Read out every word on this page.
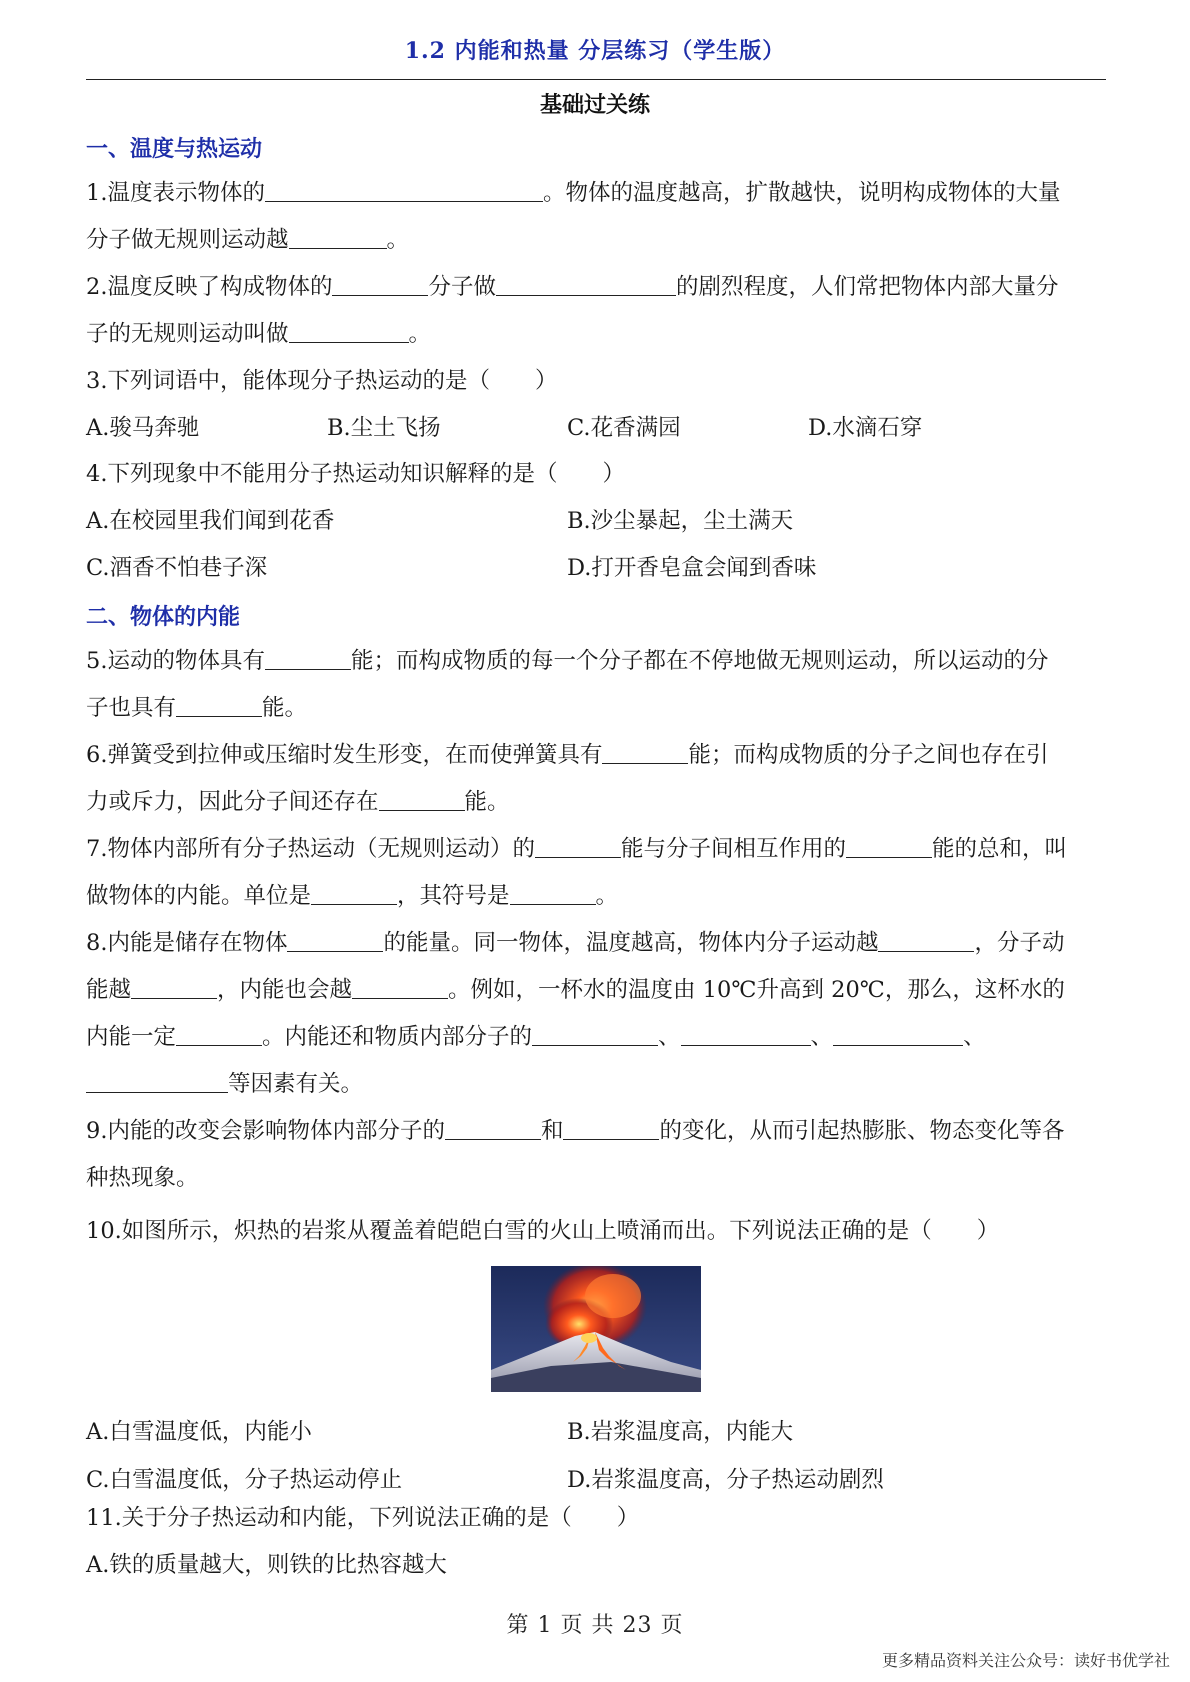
1.2 内能和热量 分层练习（学生版）
基础过关练
一、温度与热运动
1.温度表示物体的	。物体的温度越高，扩散越快，说明构成物体的大量
分子做无规则运动越	。
2.温度反映了构成物体的	分子做	的剧烈程度，人们常把物体内部大量分
子的无规则运动叫做	。
3.下列词语中，能体现分子热运动的是（　　）
A.骏马奔驰	B.尘土飞扬	C.花香满园	D.水滴石穿
4.下列现象中不能用分子热运动知识解释的是（　　）
A.在校园里我们闻到花香	B.沙尘暴起，尘土满天
C.酒香不怕巷子深	D.打开香皂盒会闻到香味
二、物体的内能
5.运动的物体具有	能；而构成物质的每一个分子都在不停地做无规则运动，所以运动的分
子也具有	能。
6.弹簧受到拉伸或压缩时发生形变，在而使弹簧具有	能；而构成物质的分子之间也存在引
力或斥力，因此分子间还存在	能。
7.物体内部所有分子热运动（无规则运动）的	能与分子间相互作用的	能的总和，叫
做物体的内能。单位是	，其符号是	。
8.内能是储存在物体	的能量。同一物体，温度越高，物体内分子运动越	，分子动
能越	，内能也会越	。例如，一杯水的温度由 10℃升高到 20℃，那么，这杯水的
内能一定	。内能还和物质内部分子的	、	、	、
等因素有关。
9.内能的改变会影响物体内部分子的	和	的变化，从而引起热膨胀、物态变化等各
种热现象。
10.如图所示，炽热的岩浆从覆盖着皑皑白雪的火山上喷涌而出。下列说法正确的是（　　）
A.白雪温度低，内能小	B.岩浆温度高，内能大
C.白雪温度低，分子热运动停止	D.岩浆温度高，分子热运动剧烈
11.关于分子热运动和内能，下列说法正确的是（　　）
A.铁的质量越大，则铁的比热容越大
第 1 页 共 23 页
更多精品资料关注公众号：读好书优学社
